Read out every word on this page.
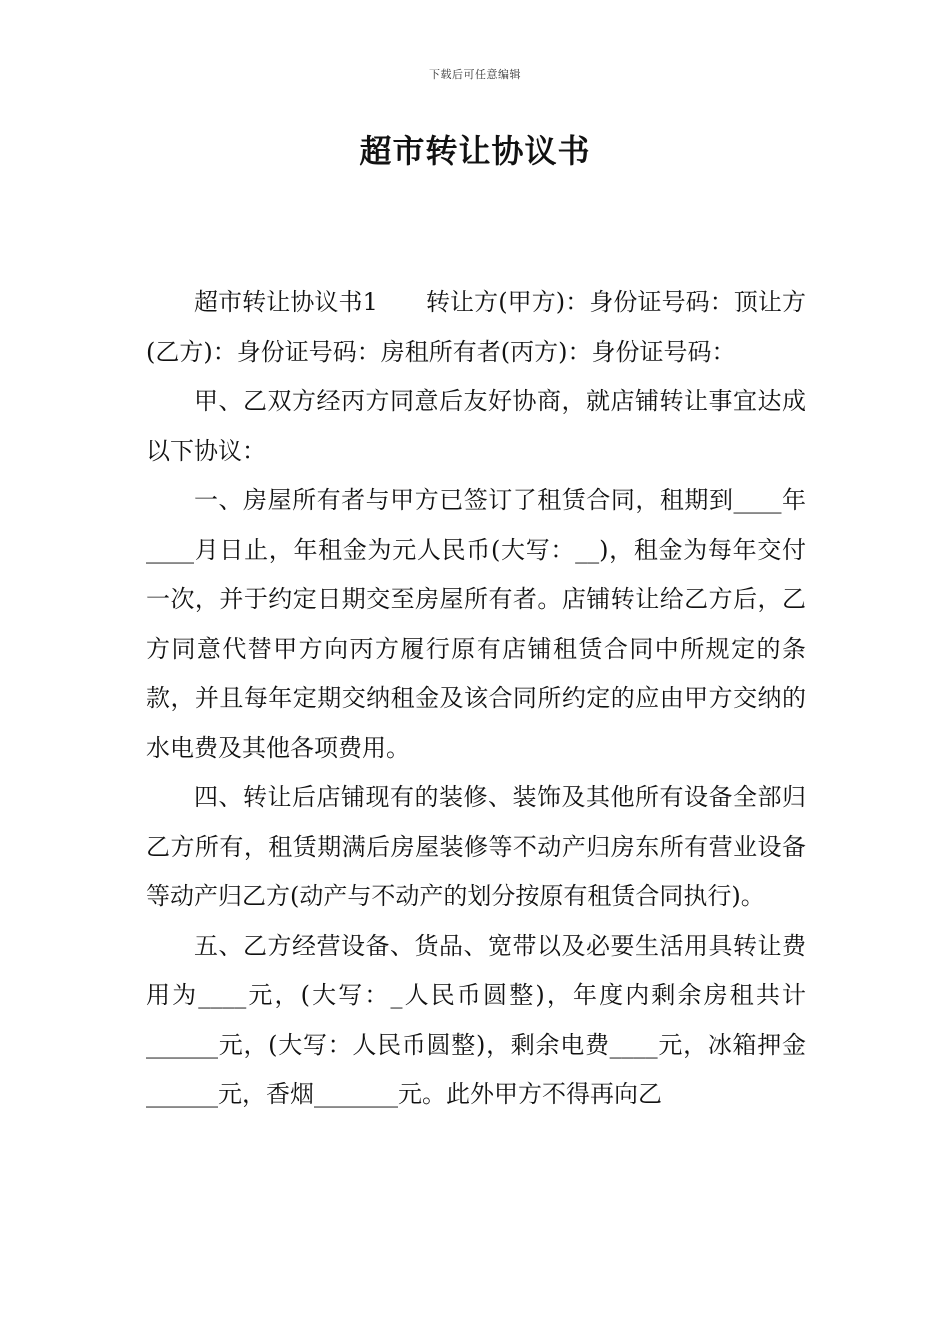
下载后可任意编辑
超市转让协议书

超市转让协议书1 转让方(甲方)：身份证号码：顶让方(乙方)：身份证号码：房租所有者(丙方)：身份证号码：

甲、乙双方经丙方同意后友好协商，就店铺转让事宜达成以下协议：

一、房屋所有者与甲方已签订了租赁合同，租期到____年____月日止，年租金为元人民币(大写：__)，租金为每年交付一次，并于约定日期交至房屋所有者。店铺转让给乙方后，乙方同意代替甲方向丙方履行原有店铺租赁合同中所规定的条款，并且每年定期交纳租金及该合同所约定的应由甲方交纳的水电费及其他各项费用。

四、转让后店铺现有的装修、装饰及其他所有设备全部归乙方所有，租赁期满后房屋装修等不动产归房东所有营业设备等动产归乙方(动产与不动产的划分按原有租赁合同执行)。

五、乙方经营设备、货品、宽带以及必要生活用具转让费用为____元，(大写：_人民币圆整)，年度内剩余房租共计______元，(大写：人民币圆整)，剩余电费____元，冰箱押金______元，香烟_______元。此外甲方不得再向乙
